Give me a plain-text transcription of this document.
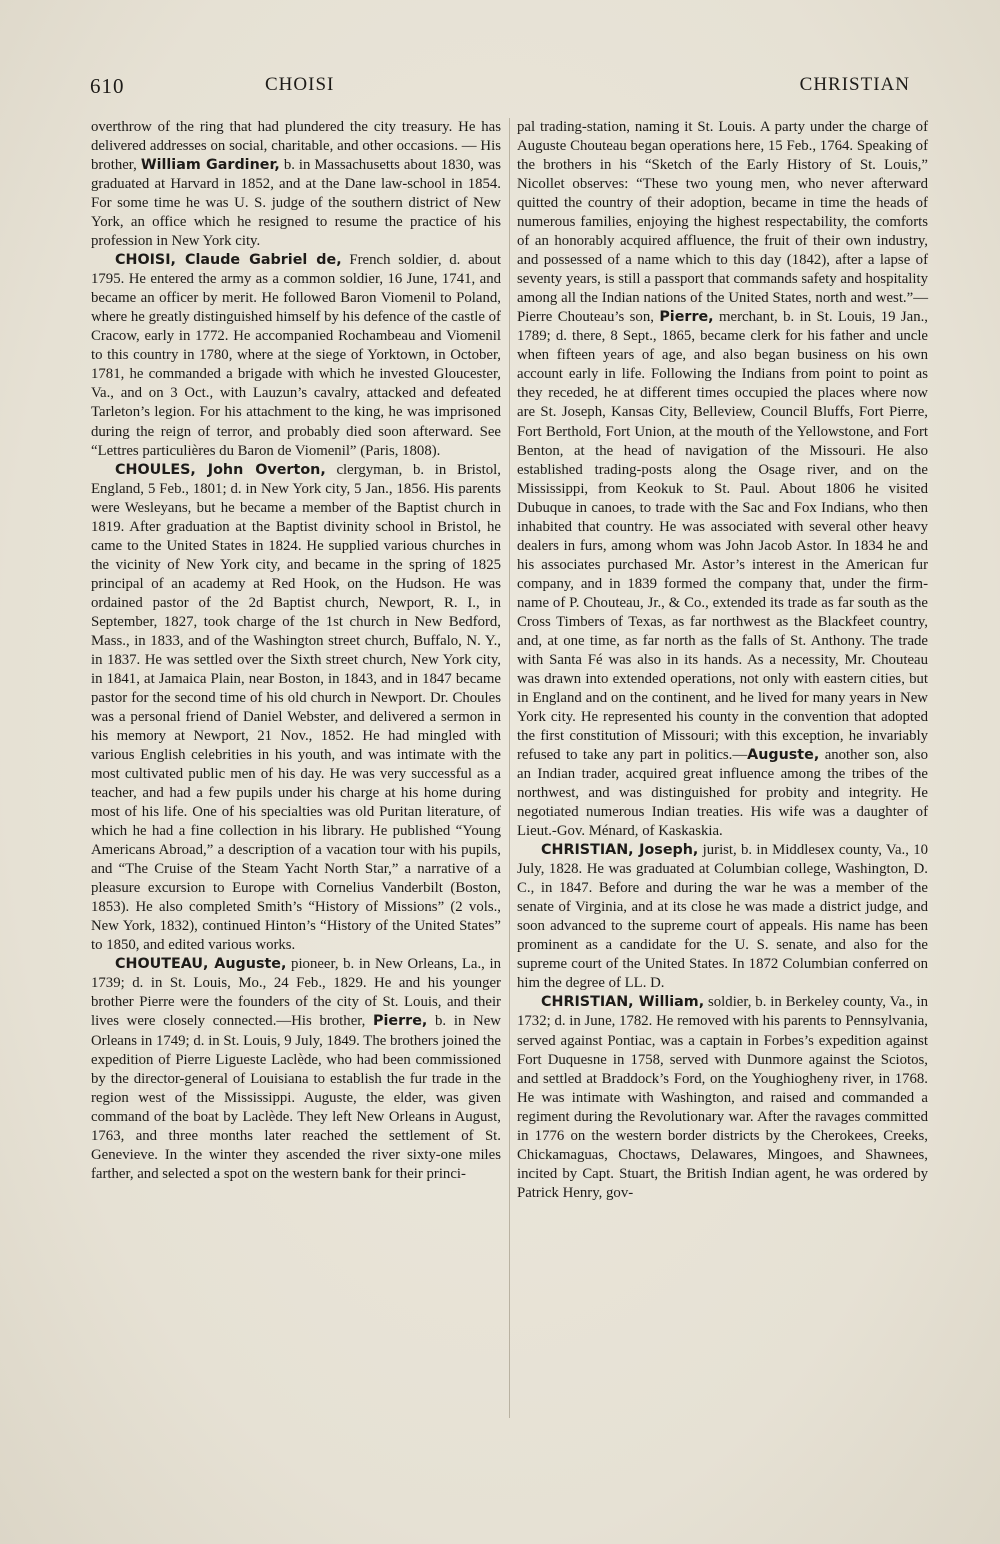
610	CHOISI	CHRISTIAN

overthrow of the ring that had plundered the city treasury. He has delivered addresses on social, charitable, and other occasions. — His brother, William Gardiner, b. in Massachusetts about 1830, was graduated at Harvard in 1852, and at the Dane law-school in 1854. For some time he was U. S. judge of the southern district of New York, an office which he resigned to resume the practice of his profession in New York city.

CHOISI, Claude Gabriel de, French soldier, d. about 1795. He entered the army as a common soldier, 16 June, 1741, and became an officer by merit. He followed Baron Viomenil to Poland, where he greatly distinguished himself by his defence of the castle of Cracow, early in 1772. He accompanied Rochambeau and Viomenil to this country in 1780, where at the siege of Yorktown, in October, 1781, he commanded a brigade with which he invested Gloucester, Va., and on 3 Oct., with Lauzun’s cavalry, attacked and defeated Tarleton’s legion. For his attachment to the king, he was imprisoned during the reign of terror, and probably died soon afterward. See “Lettres particulières du Baron de Viomenil” (Paris, 1808).

CHOULES, John Overton, clergyman, b. in Bristol, England, 5 Feb., 1801; d. in New York city, 5 Jan., 1856. His parents were Wesleyans, but he became a member of the Baptist church in 1819. After graduation at the Baptist divinity school in Bristol, he came to the United States in 1824. He supplied various churches in the vicinity of New York city, and became in the spring of 1825 principal of an academy at Red Hook, on the Hudson. He was ordained pastor of the 2d Baptist church, Newport, R. I., in September, 1827, took charge of the 1st church in New Bedford, Mass., in 1833, and of the Washington street church, Buffalo, N. Y., in 1837. He was settled over the Sixth street church, New York city, in 1841, at Jamaica Plain, near Boston, in 1843, and in 1847 became pastor for the second time of his old church in Newport. Dr. Choules was a personal friend of Daniel Webster, and delivered a sermon in his memory at Newport, 21 Nov., 1852. He had mingled with various English celebrities in his youth, and was intimate with the most cultivated public men of his day. He was very successful as a teacher, and had a few pupils under his charge at his home during most of his life. One of his specialties was old Puritan literature, of which he had a fine collection in his library. He published “Young Americans Abroad,” a description of a vacation tour with his pupils, and “The Cruise of the Steam Yacht North Star,” a narrative of a pleasure excursion to Europe with Cornelius Vanderbilt (Boston, 1853). He also completed Smith’s “History of Missions” (2 vols., New York, 1832), continued Hinton’s “History of the United States” to 1850, and edited various works.

CHOUTEAU, Auguste, pioneer, b. in New Orleans, La., in 1739; d. in St. Louis, Mo., 24 Feb., 1829. He and his younger brother Pierre were the founders of the city of St. Louis, and their lives were closely connected.—His brother, Pierre, b. in New Orleans in 1749; d. in St. Louis, 9 July, 1849. The brothers joined the expedition of Pierre Ligueste Laclède, who had been commissioned by the director-general of Louisiana to establish the fur trade in the region west of the Mississippi. Auguste, the elder, was given command of the boat by Laclède. They left New Orleans in August, 1763, and three months later reached the settlement of St. Genevieve. In the winter they ascended the river sixty-one miles farther, and selected a spot on the western bank for their princi-

pal trading-station, naming it St. Louis. A party under the charge of Auguste Chouteau began operations here, 15 Feb., 1764. Speaking of the brothers in his “Sketch of the Early History of St. Louis,” Nicollet observes: “These two young men, who never afterward quitted the country of their adoption, became in time the heads of numerous families, enjoying the highest respectability, the comforts of an honorably acquired affluence, the fruit of their own industry, and possessed of a name which to this day (1842), after a lapse of seventy years, is still a passport that commands safety and hospitality among all the Indian nations of the United States, north and west.”—Pierre Chouteau’s son, Pierre, merchant, b. in St. Louis, 19 Jan., 1789; d. there, 8 Sept., 1865, became clerk for his father and uncle when fifteen years of age, and also began business on his own account early in life. Following the Indians from point to point as they receded, he at different times occupied the places where now are St. Joseph, Kansas City, Belleview, Council Bluffs, Fort Pierre, Fort Berthold, Fort Union, at the mouth of the Yellowstone, and Fort Benton, at the head of navigation of the Missouri. He also established trading-posts along the Osage river, and on the Mississippi, from Keokuk to St. Paul. About 1806 he visited Dubuque in canoes, to trade with the Sac and Fox Indians, who then inhabited that country. He was associated with several other heavy dealers in furs, among whom was John Jacob Astor. In 1834 he and his associates purchased Mr. Astor’s interest in the American fur company, and in 1839 formed the company that, under the firm-name of P. Chouteau, Jr., & Co., extended its trade as far south as the Cross Timbers of Texas, as far northwest as the Blackfeet country, and, at one time, as far north as the falls of St. Anthony. The trade with Santa Fé was also in its hands. As a necessity, Mr. Chouteau was drawn into extended operations, not only with eastern cities, but in England and on the continent, and he lived for many years in New York city. He represented his county in the convention that adopted the first constitution of Missouri; with this exception, he invariably refused to take any part in politics.—Auguste, another son, also an Indian trader, acquired great influence among the tribes of the northwest, and was distinguished for probity and integrity. He negotiated numerous Indian treaties. His wife was a daughter of Lieut.-Gov. Ménard, of Kaskaskia.

CHRISTIAN, Joseph, jurist, b. in Middlesex county, Va., 10 July, 1828. He was graduated at Columbian college, Washington, D. C., in 1847. Before and during the war he was a member of the senate of Virginia, and at its close he was made a district judge, and soon advanced to the supreme court of appeals. His name has been prominent as a candidate for the U. S. senate, and also for the supreme court of the United States. In 1872 Columbian conferred on him the degree of LL. D.

CHRISTIAN, William, soldier, b. in Berkeley county, Va., in 1732; d. in June, 1782. He removed with his parents to Pennsylvania, served against Pontiac, was a captain in Forbes’s expedition against Fort Duquesne in 1758, served with Dunmore against the Sciotos, and settled at Braddock’s Ford, on the Youghiogheny river, in 1768. He was intimate with Washington, and raised and commanded a regiment during the Revolutionary war. After the ravages committed in 1776 on the western border districts by the Cherokees, Creeks, Chickamaguas, Choctaws, Delawares, Mingoes, and Shawnees, incited by Capt. Stuart, the British Indian agent, he was ordered by Patrick Henry, gov-
